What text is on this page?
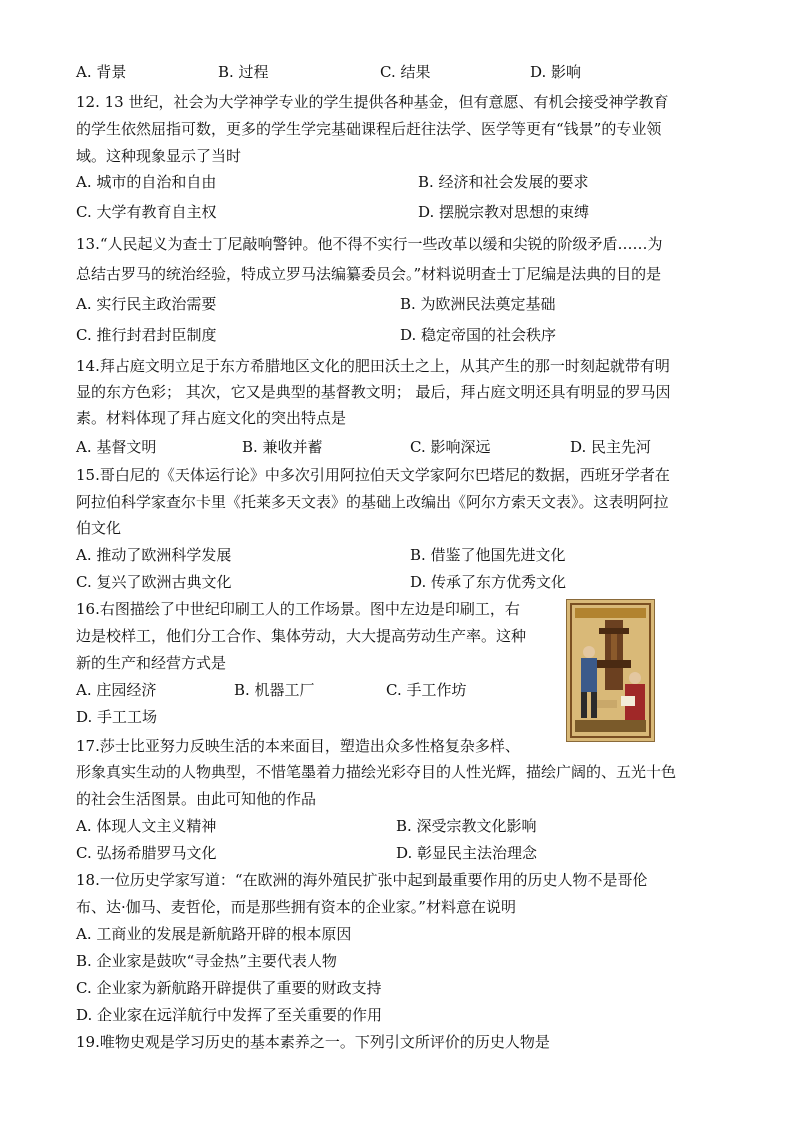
A. 背景	B. 过程	C. 结果	D. 影响
12. 13 世纪，社会为大学神学专业的学生提供各种基金，但有意愿、有机会接受神学教育
的学生依然屈指可数，更多的学生学完基础课程后赶往法学、医学等更有“钱景”的专业领
域。这种现象显示了当时
A. 城市的自治和自由	B. 经济和社会发展的要求
C. 大学有教育自主权	D. 摆脱宗教对思想的束缚
13.“人民起义为查士丁尼敲响警钟。他不得不实行一些改革以缓和尖锐的阶级矛盾……为
总结古罗马的统治经验，特成立罗马法编纂委员会。”材料说明查士丁尼编是法典的目的是
A. 实行民主政治需要	B. 为欧洲民法奠定基础
C. 推行封君封臣制度	D. 稳定帝国的社会秩序
14.拜占庭文明立足于东方希腊地区文化的肥田沃土之上，从其产生的那一时刻起就带有明
显的东方色彩； 其次，它又是典型的基督教文明； 最后，拜占庭文明还具有明显的罗马因
素。材料体现了拜占庭文化的突出特点是
A. 基督文明	B. 兼收并蓄	C. 影响深远	D. 民主先河
15.哥白尼的《天体运行论》中多次引用阿拉伯天文学家阿尔巴塔尼的数据，西班牙学者在
阿拉伯科学家查尔卡里《托莱多天文表》的基础上改编出《阿尔方索天文表》。这表明阿拉
伯文化
A. 推动了欧洲科学发展	B. 借鉴了他国先进文化
C. 复兴了欧洲古典文化	D. 传承了东方优秀文化
16.右图描绘了中世纪印刷工人的工作场景。图中左边是印刷工，右
边是校样工，他们分工合作、集体劳动，大大提高劳动生产率。这种
新的生产和经营方式是
A. 庄园经济	B. 机器工厂	C. 手工作坊
D. 手工工场
17.莎士比亚努力反映生活的本来面目，塑造出众多性格复杂多样、
形象真实生动的人物典型，不惜笔墨着力描绘光彩夺目的人性光辉，描绘广阔的、五光十色
的社会生活图景。由此可知他的作品
A. 体现人文主义精神	B. 深受宗教文化影响
C. 弘扬希腊罗马文化	D. 彰显民主法治理念
18.一位历史学家写道：“在欧洲的海外殖民扩张中起到最重要作用的历史人物不是哥伦
布、达·伽马、麦哲伦，而是那些拥有资本的企业家。”材料意在说明
A. 工商业的发展是新航路开辟的根本原因
B. 企业家是鼓吹“寻金热”主要代表人物
C. 企业家为新航路开辟提供了重要的财政支持
D. 企业家在远洋航行中发挥了至关重要的作用
19.唯物史观是学习历史的基本素养之一。下列引文所评价的历史人物是
